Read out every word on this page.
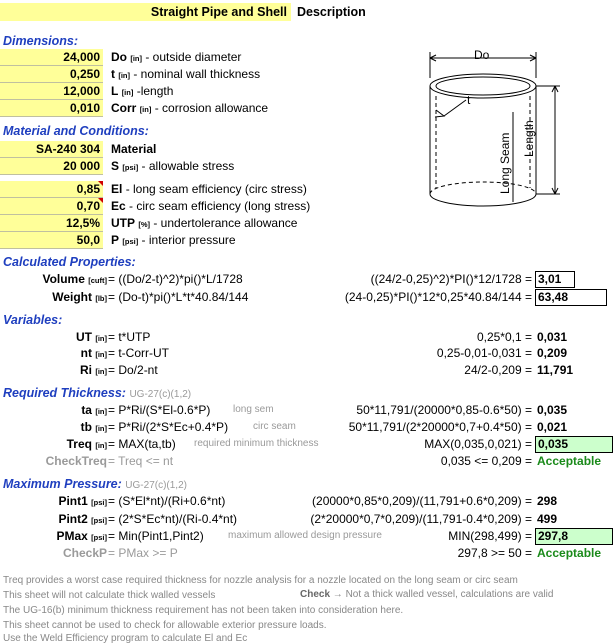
Straight Pipe and Shell Description
Dimensions:
24,000 Do [in] - outside diameter
0,250 t [in] - nominal wall thickness
12,000 L [in] -length
0,010 Corr [in] - corrosion allowance
Material and Conditions:
SA-240 304 Material
20 000 S [psi] - allowable stress
0,85 El - long seam efficiency (circ stress)
0,70 Ec - circ seam efficiency (long stress)
12,5% UTP [%] - undertolerance allowance
50,0 P [psi] - interior pressure
Calculated Properties:
Variables:
Required Thickness: UG-27(c)(1,2)
Maximum Pressure: UG-27(c)(1,2)
Volume [cuft] = ((Do/2-t)^2)*pi()*L/1728	((24/2-0,25)^2)*PI()*12/1728 = 3,01
Weight [lb] = (Do-t)*pi()*L*t*40.84/144	(24-0,25)*PI()*12*0,25*40.84/144 = 63,48
UT [in] = t*UTP	0,25*0,1 = 0,031
nt [in] = t-Corr-UT	0,25-0,01-0,031 = 0,209
Ri [in] = Do/2-nt	24/2-0,209 = 11,791
ta [in] = P*Ri/(S*El-0.6*P) long sem	50*11,791/(20000*0,85-0.6*50) = 0,035
tb [in] = P*Ri/(2*S*Ec+0.4*P) circ seam	50*11,791/(2*20000*0,7+0.4*50) = 0,021
Treq [in] = MAX(ta,tb) required minimum thickness	MAX(0,035,0,021) = 0,035
CheckTreq = Treq <= nt	0,035 <= 0,209 = Acceptable
Pint1 [psi] = (S*El*nt)/(Ri+0.6*nt)	(20000*0,85*0,209)/(11,791+0.6*0,209) = 298
Pint2 [psi] = (2*S*Ec*nt)/(Ri-0.4*nt)	(2*20000*0,7*0,209)/(11,791-0.4*0,209) = 499
PMax [psi] = Min(Pint1,Pint2) maximum allowed design pressure	MIN(298,499) = 297,8
CheckP = PMax >= P	297,8 >= 50 = Acceptable
Do
t
Length
Long Seam
Treq provides a worst case required thickness for nozzle analysis for a nozzle located on the long seam or circ seam
This sheet will not calculate thick walled vessels	Check → Not a thick walled vessel, calculations are valid
The UG-16(b) minimum thickness requirement has not been taken into consideration here.
This sheet cannot be used to check for allowable exterior pressure loads.
Use the Weld Efficiency program to calculate El and Ec
